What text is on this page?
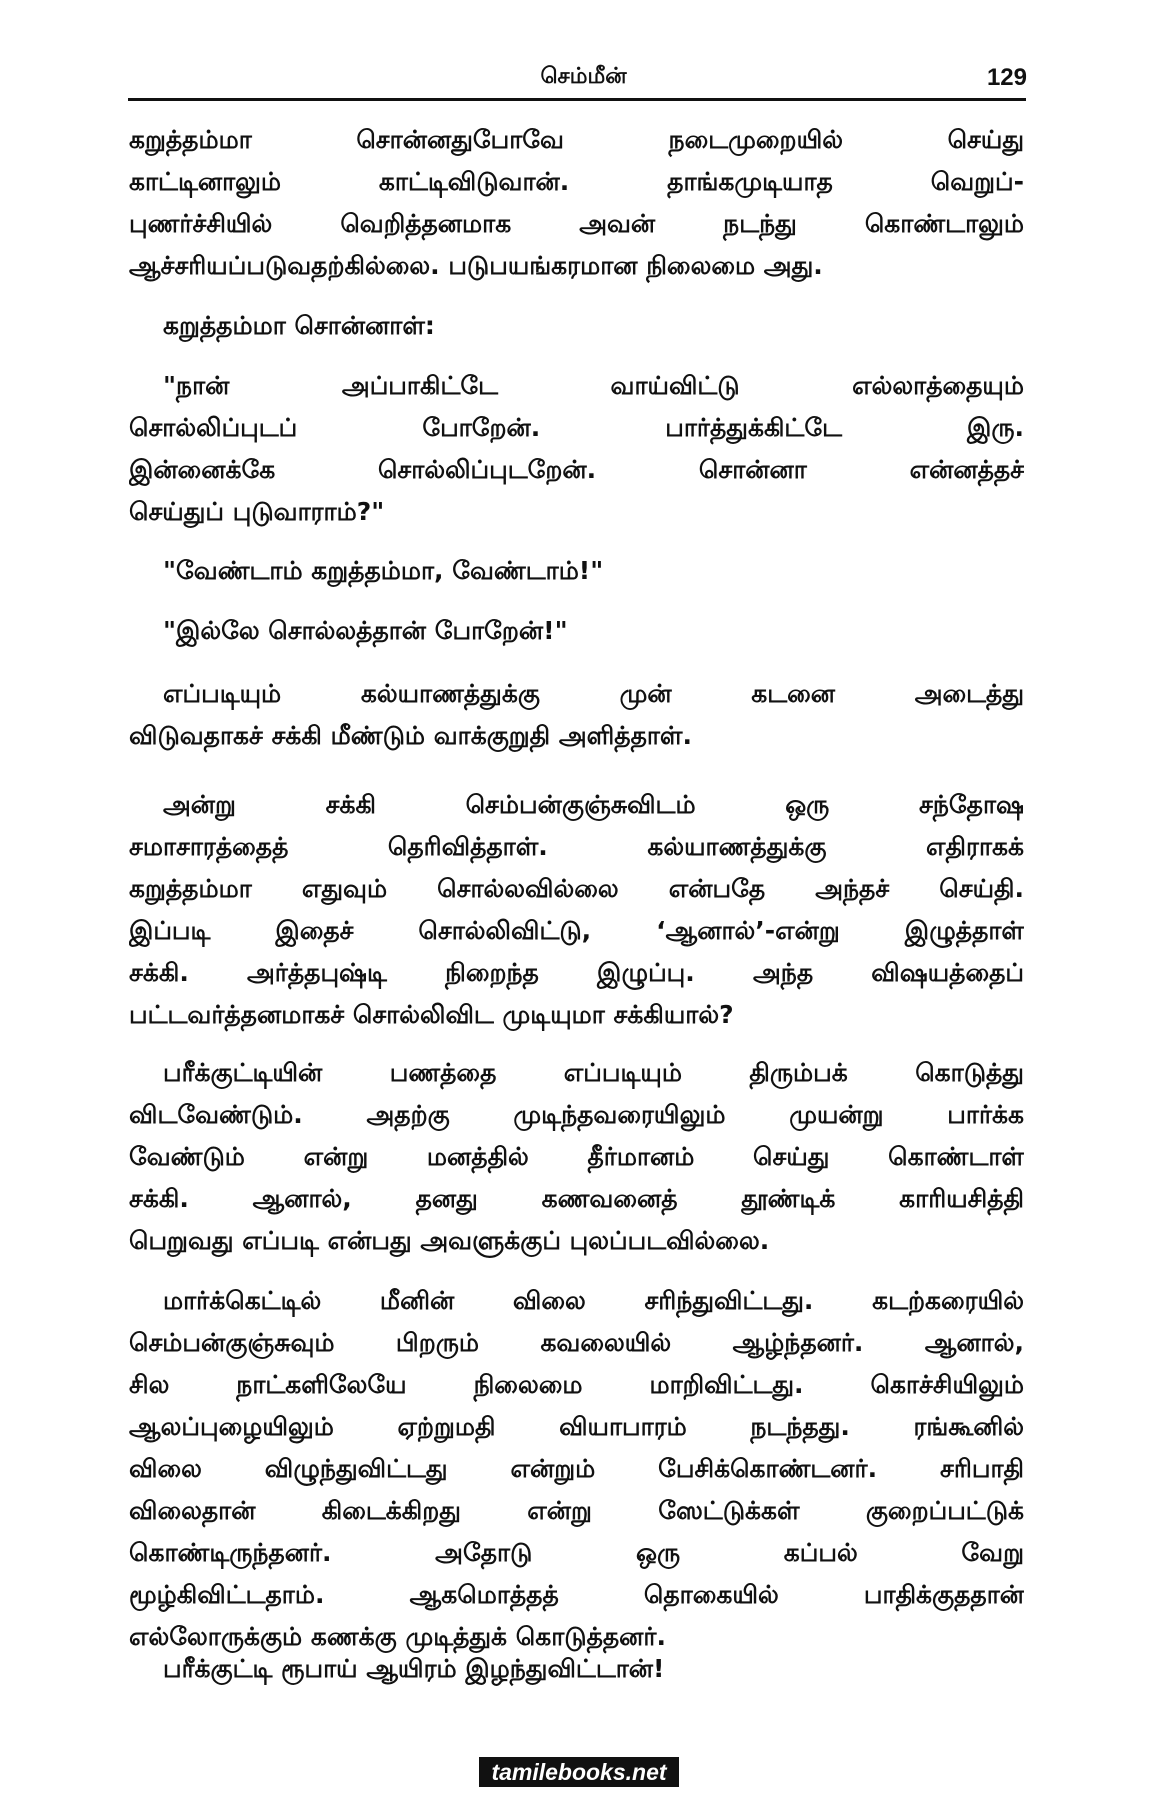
செம்மீன்	129
கறுத்தம்மா சொன்னதுபோவே நடைமுறையில் செய்து
காட்டினாலும் காட்டிவிடுவான். தாங்கமுடியாத வெறுப்-
புணர்ச்சியில் வெறித்தனமாக அவன் நடந்து கொண்டாலும்
ஆச்சரியப்படுவதற்கில்லை. படுபயங்கரமான நிலைமை அது.
கறுத்தம்மா சொன்னாள்:
"நான் அப்பாகிட்டே வாய்விட்டு எல்லாத்தையும்
சொல்லிப்புடப் போறேன். பார்த்துக்கிட்டே இரு.
இன்னைக்கே சொல்லிப்புடறேன். சொன்னா என்னத்தச்
செய்துப் புடுவாராம்?"
"வேண்டாம் கறுத்தம்மா, வேண்டாம்!"
"இல்லே சொல்லத்தான் போறேன்!"
எப்படியும் கல்யாணத்துக்கு முன் கடனை அடைத்து
விடுவதாகச் சக்கி மீண்டும் வாக்குறுதி அளித்தாள்.
அன்று சக்கி செம்பன்குஞ்சுவிடம் ஒரு சந்தோஷ
சமாசாரத்தைத் தெரிவித்தாள். கல்யாணத்துக்கு எதிராகக்
கறுத்தம்மா எதுவும் சொல்லவில்லை என்பதே அந்தச் செய்தி.
இப்படி இதைச் சொல்லிவிட்டு, ‘ஆனால்’-என்று இழுத்தாள்
சக்கி. அர்த்தபுஷ்டி நிறைந்த இழுப்பு. அந்த விஷயத்தைப்
பட்டவர்த்தனமாகச் சொல்லிவிட முடியுமா சக்கியால்?
பரீக்குட்டியின் பணத்தை எப்படியும் திரும்பக் கொடுத்து
விடவேண்டும். அதற்கு முடிந்தவரையிலும் முயன்று பார்க்க
வேண்டும் என்று மனத்தில் தீர்மானம் செய்து கொண்டாள்
சக்கி. ஆனால், தனது கணவனைத் தூண்டிக் காரியசித்தி
பெறுவது எப்படி என்பது அவளுக்குப் புலப்படவில்லை.
மார்க்கெட்டில் மீனின் விலை சரிந்துவிட்டது. கடற்கரையில்
செம்பன்குஞ்சுவும் பிறரும் கவலையில் ஆழ்ந்தனர். ஆனால்,
சில நாட்களிலேயே நிலைமை மாறிவிட்டது. கொச்சியிலும்
ஆலப்புழையிலும் ஏற்றுமதி வியாபாரம் நடந்தது. ரங்கூனில்
விலை விழுந்துவிட்டது என்றும் பேசிக்கொண்டனர். சரிபாதி
விலைதான் கிடைக்கிறது என்று ஸேட்டுக்கள் குறைப்பட்டுக்
கொண்டிருந்தனர். அதோடு ஒரு கப்பல் வேறு
மூழ்கிவிட்டதாம். ஆகமொத்தத் தொகையில் பாதிக்குததான்
எல்லோருக்கும் கணக்கு முடித்துக் கொடுத்தனர்.
பரீக்குட்டி ரூபாய் ஆயிரம் இழந்துவிட்டான்!
tamilebooks.net
